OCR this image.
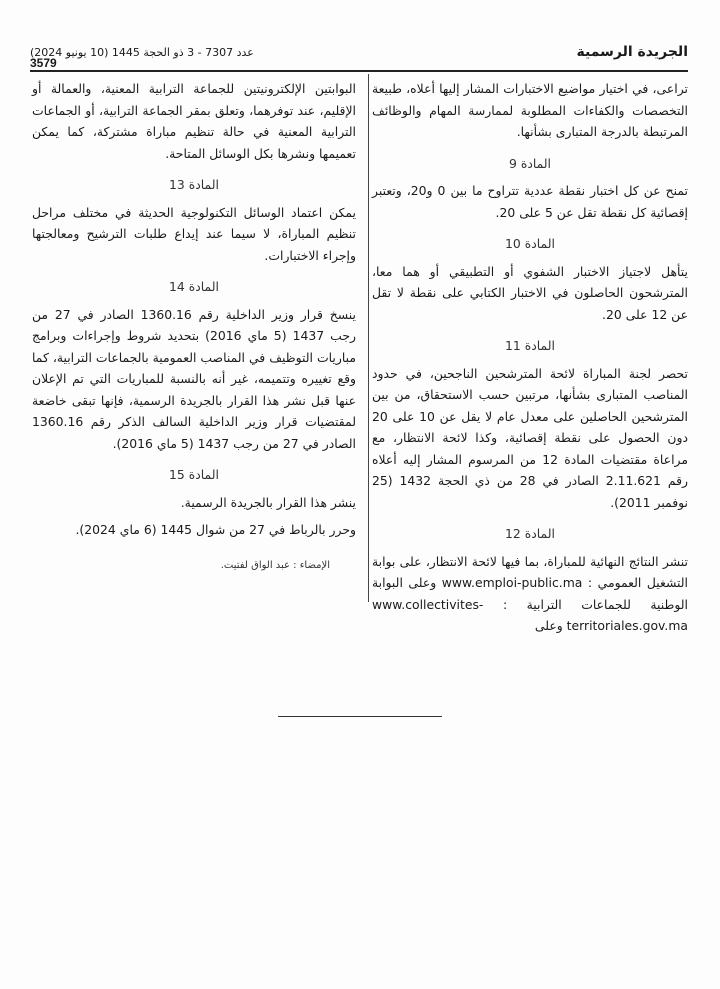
الجريدة الرسمية
عدد 7307 - 3 ذو الحجة 1445 (10 يونيو 2024)
3579

تراعى، في اختيار مواضيع الاختبارات المشار إليها أعلاه، طبيعة التخصصات والكفاءات المطلوبة لممارسة المهام والوظائف المرتبطة بالدرجة المتبارى بشأنها.

المادة 9

تمنح عن كل اختبار نقطة عددية تتراوح ما بين 0 و20، وتعتبر إقصائية كل نقطة تقل عن 5 على 20.

المادة 10

يتأهل لاجتياز الاختبار الشفوي أو التطبيقي أو هما معا، المترشحون الحاصلون في الاختبار الكتابي على نقطة لا تقل عن 12 على 20.

المادة 11

تحصر لجنة المباراة لائحة المترشحين الناجحين، في حدود المناصب المتبارى بشأنها، مرتبين حسب الاستحقاق، من بين المترشحين الحاصلين على معدل عام لا يقل عن 10 على 20 دون الحصول على نقطة إقصائية، وكذا لائحة الانتظار، مع مراعاة مقتضيات المادة 12 من المرسوم المشار إليه أعلاه رقم 2.11.621 الصادر في 28 من ذي الحجة 1432 (25 نوفمبر 2011).

المادة 12

تنشر النتائج النهائية للمباراة، بما فيها لائحة الانتظار، على بوابة التشغيل العمومي : www.emploi-public.ma وعلى البوابة الوطنية للجماعات الترابية : www.collectivites-territoriales.gov.ma وعلى

البوابتين الإلكترونيتين للجماعة الترابية المعنية، والعمالة أو الإقليم، عند توفرهما، وتعلق بمقر الجماعة الترابية، أو الجماعات الترابية المعنية في حالة تنظيم مباراة مشتركة، كما يمكن تعميمها ونشرها بكل الوسائل المتاحة.

المادة 13

يمكن اعتماد الوسائل التكنولوجية الحديثة في مختلف مراحل تنظيم المباراة، لا سيما عند إيداع طلبات الترشيح ومعالجتها وإجراء الاختبارات.

المادة 14

ينسخ قرار وزير الداخلية رقم 1360.16 الصادر في 27 من رجب 1437 (5 ماي 2016) بتحديد شروط وإجراءات وبرامج مباريات التوظيف في المناصب العمومية بالجماعات الترابية، كما وقع تغييره وتتميمه، غير أنه بالنسبة للمباريات التي تم الإعلان عنها قبل نشر هذا القرار بالجريدة الرسمية، فإنها تبقى خاضعة لمقتضيات قرار وزير الداخلية السالف الذكر رقم 1360.16 الصادر في 27 من رجب 1437 (5 ماي 2016).

المادة 15

ينشر هذا القرار بالجريدة الرسمية.

وحرر بالرباط في 27 من شوال 1445 (6 ماي 2024).

الإمضاء : عبد الواق لفتيت.
